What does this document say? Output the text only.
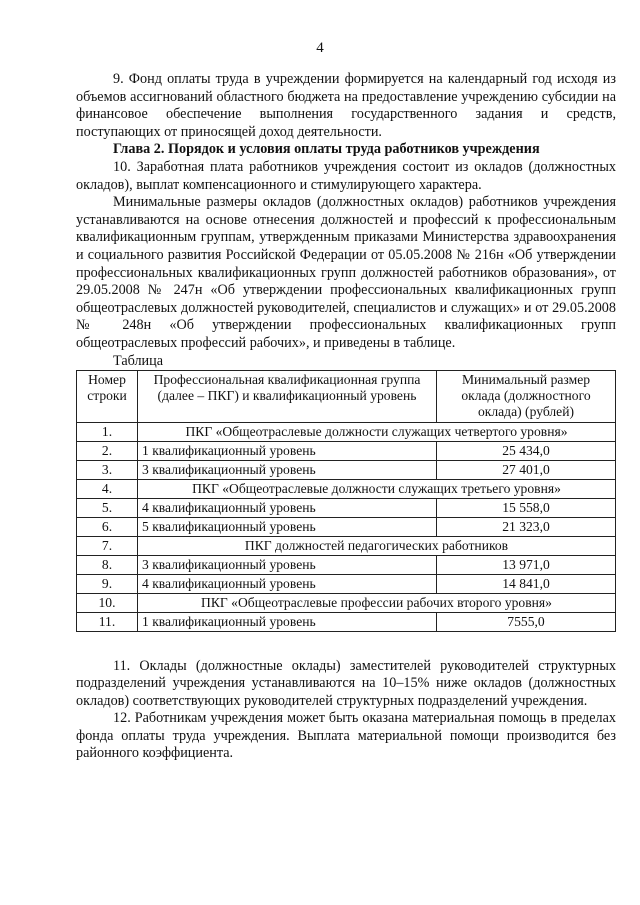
4

9. Фонд оплаты труда в учреждении формируется на календарный год исходя из объемов ассигнований областного бюджета на предоставление учреждению субсидии на финансовое обеспечение выполнения государственного задания и средств, поступающих от приносящей доход деятельности.

Глава 2. Порядок и условия оплаты труда работников учреждения

10. Заработная плата работников учреждения состоит из окладов (должностных окладов), выплат компенсационного и стимулирующего характера.

Минимальные размеры окладов (должностных окладов) работников учреждения устанавливаются на основе отнесения должностей и профессий к профессиональным квалификационным группам, утвержденным приказами Министерства здравоохранения и социального развития Российской Федерации от 05.05.2008 № 216н «Об утверждении профессиональных квалификационных групп должностей работников образования», от 29.05.2008 № 247н «Об утверждении профессиональных квалификационных групп общеотраслевых должностей руководителей, специалистов и служащих» и от 29.05.2008 № 248н «Об утверждении профессиональных квалификационных групп общеотраслевых профессий рабочих», и приведены в таблице.

Таблица

Номер строки	Профессиональная квалификационная группа (далее – ПКГ) и квалификационный уровень	Минимальный размер оклада (должностного оклада) (рублей)
1.	ПКГ «Общеотраслевые должности служащих четвертого уровня»	
2.	1 квалификационный уровень	25 434,0
3.	3 квалификационный уровень	27 401,0
4.	ПКГ «Общеотраслевые должности служащих третьего уровня»	
5.	4 квалификационный уровень	15 558,0
6.	5 квалификационный уровень	21 323,0
7.	ПКГ должностей педагогических работников	
8.	3 квалификационный уровень	13 971,0
9.	4 квалификационный уровень	14 841,0
10.	ПКГ «Общеотраслевые профессии рабочих второго уровня»	
11.	1 квалификационный уровень	7555,0

11. Оклады (должностные оклады) заместителей руководителей структурных подразделений учреждения устанавливаются на 10–15% ниже окладов (должностных окладов) соответствующих руководителей структурных подразделений учреждения.

12. Работникам учреждения может быть оказана материальная помощь в пределах фонда оплаты труда учреждения. Выплата материальной помощи производится без районного коэффициента.
